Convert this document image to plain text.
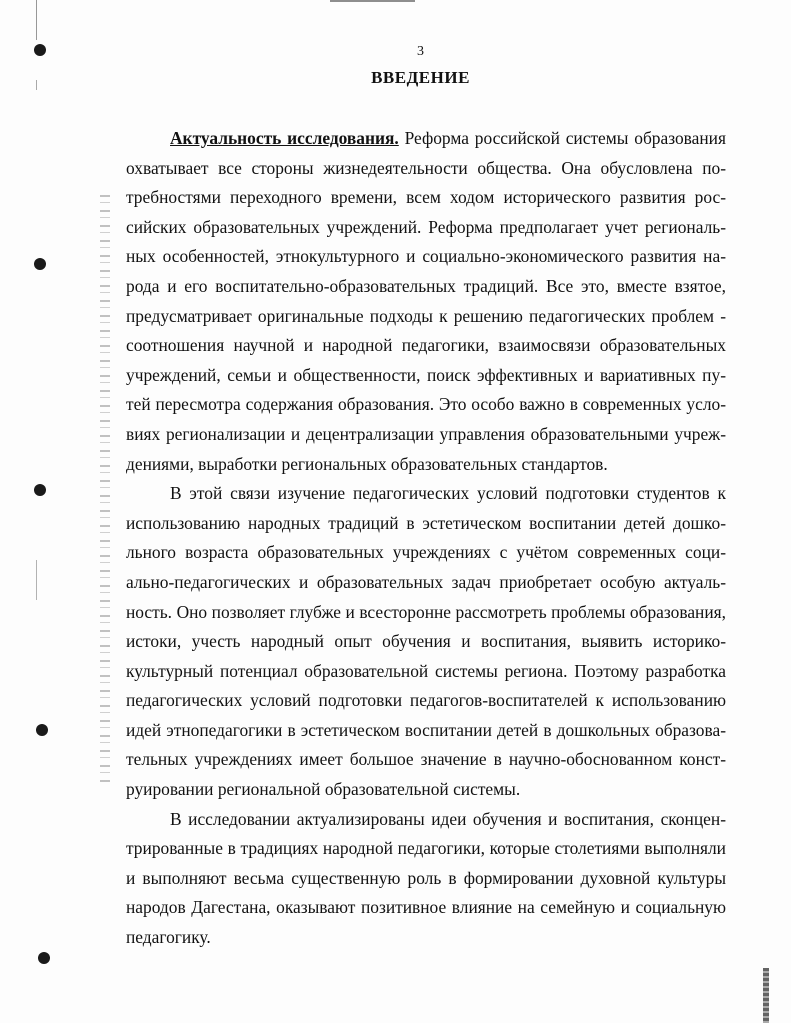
3
ВВЕДЕНИЕ

Актуальность исследования. Реформа российской системы образования охватывает все стороны жизнедеятельности общества. Она обусловлена потребностями переходного времени, всем ходом исторического развития российских образовательных учреждений. Реформа предполагает учет региональных особенностей, этнокультурного и социально-экономического развития народа и его воспитательно-образовательных традиций. Все это, вместе взятое, предусматривает оригинальные подходы к решению педагогических проблем - соотношения научной и народной педагогики, взаимосвязи образовательных учреждений, семьи и общественности, поиск эффективных и вариативных путей пересмотра содержания образования. Это особо важно в современных условиях регионализации и децентрализации управления образовательными учреждениями, выработки региональных образовательных стандартов.

В этой связи изучение педагогических условий подготовки студентов к использованию народных традиций в эстетическом воспитании детей дошкольного возраста образовательных учреждениях с учётом современных социально-педагогических и образовательных задач приобретает особую актуальность. Оно позволяет глубже и всесторонне рассмотреть проблемы образования, истоки, учесть народный опыт обучения и воспитания, выявить историко-культурный потенциал образовательной системы региона. Поэтому разработка педагогических условий подготовки педагогов-воспитателей к использованию идей этнопедагогики в эстетическом воспитании детей в дошкольных образовательных учреждениях имеет большое значение в научно-обоснованном конструировании региональной образовательной системы.

В исследовании актуализированы идеи обучения и воспитания, сконцентрированные в традициях народной педагогики, которые столетиями выполняли и выполняют весьма существенную роль в формировании духовной культуры народов Дагестана, оказывают позитивное влияние на семейную и социальную педагогику.
